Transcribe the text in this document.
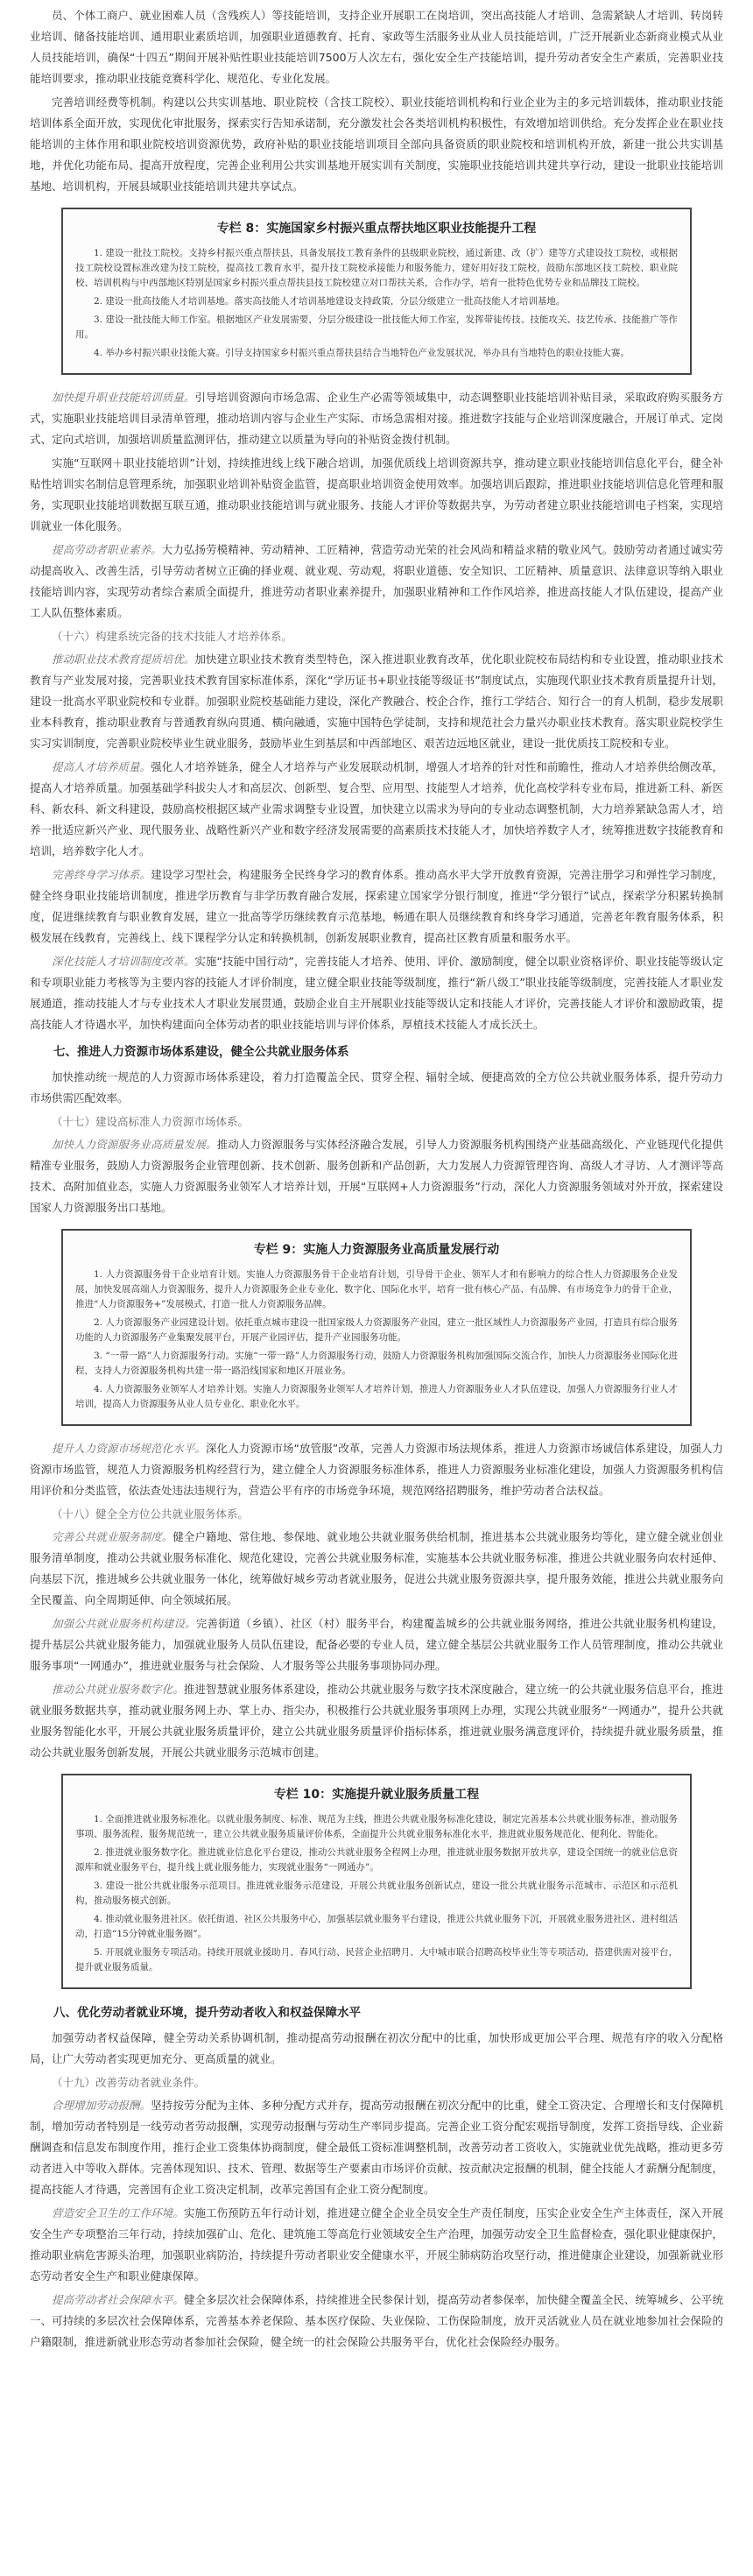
员、个体工商户、就业困难人员（含残疾人）等技能培训，支持企业开展职工在岗培训，突出高技能人才培训、急需紧缺人才培训、转岗转业培训、储备技能培训、通用职业素质培训，加强职业道德教育、托育、家政等生活服务业从业人员技能培训，广泛开展新业态新商业模式从业人员技能培训，确保“十四五”期间开展补贴性职业技能培训7500万人次左右，强化安全生产技能培训，提升劳动者安全生产素质，完善职业技能培训要求，推动职业技能竞赛科学化、规范化、专业化发展。

完善培训经费等机制。构建以公共实训基地、职业院校（含技工院校）、职业技能培训机构和行业企业为主的多元培训载体，推动职业技能培训体系全面开放，实现优化审批服务，探索实行告知承诺制，充分激发社会各类培训机构积极性，有效增加培训供给。充分发挥企业在职业技能培训的主体作用和职业院校培训资源优势，政府补贴的职业技能培训项目全部向具备资质的职业院校和培训机构开放，新建一批公共实训基地，并优化功能布局、提高开放程度，完善企业利用公共实训基地开展实训有关制度，实施职业技能培训共建共享行动，建设一批职业技能培训基地、培训机构，开展县域职业技能培训共建共享试点。

专栏 8：实施国家乡村振兴重点帮扶地区职业技能提升工程

1. 建设一批技工院校。支持乡村振兴重点帮扶县，具备发展技工教育条件的县级职业院校，通过新建、改（扩）建等方式建设技工院校，或根据技工院校设置标准改建为技工院校，提高技工教育水平，提升技工院校承接能力和服务能力，建好用好技工院校，鼓励东部地区技工院校、职业院校、培训机构与中西部地区特别是国家乡村振兴重点帮扶县技工院校建立对口帮扶关系，合作办学，培育一批特色优势专业和品牌技工院校。

2. 建设一批高技能人才培训基地。落实高技能人才培训基地建设支持政策，分层分级建立一批高技能人才培训基地。

3. 建设一批技能大师工作室。根据地区产业发展需要，分层分级建设一批技能大师工作室，发挥带徒传技、技能攻关、技艺传承、技能推广等作用。

4. 举办乡村振兴职业技能大赛。引导支持国家乡村振兴重点帮扶县结合当地特色产业发展状况，举办具有当地特色的职业技能大赛。

加快提升职业技能培训质量。引导培训资源向市场急需、企业生产必需等领域集中，动态调整职业技能培训补贴目录，采取政府购买服务方式，实施职业技能培训目录清单管理，推动培训内容与企业生产实际、市场急需相对接。推进数字技能与企业培训深度融合，开展订单式、定岗式、定向式培训，加强培训质量监测评估，推动建立以质量为导向的补贴资金拨付机制。

实施“互联网＋职业技能培训”计划，持续推进线上线下融合培训，加强优质线上培训资源共享，推动建立职业技能培训信息化平台，健全补贴性培训实名制信息管理系统，加强职业培训补贴资金监管，提高职业培训资金使用效率。加强培训后跟踪，推进职业技能培训信息化管理和服务，实现职业技能培训数据互联互通，推动职业技能培训与就业服务、技能人才评价等数据共享，为劳动者建立职业技能培训电子档案，实现培训就业一体化服务。

提高劳动者职业素养。大力弘扬劳模精神、劳动精神、工匠精神，营造劳动光荣的社会风尚和精益求精的敬业风气。鼓励劳动者通过诚实劳动提高收入、改善生活，引导劳动者树立正确的择业观、就业观、劳动观，将职业道德、安全知识、工匠精神、质量意识、法律意识等纳入职业技能培训内容，实现劳动者综合素质全面提升，推进劳动者职业素养提升，加强职业精神和工作作风培养，推进高技能人才队伍建设，提高产业工人队伍整体素质。

（十六）构建系统完备的技术技能人才培养体系。

推动职业技术教育提质培优。加快建立职业技术教育类型特色，深入推进职业教育改革，优化职业院校布局结构和专业设置，推动职业技术教育与产业发展对接，完善职业技术教育国家标准体系，深化“学历证书+职业技能等级证书”制度试点，实施现代职业技术教育质量提升计划，建设一批高水平职业院校和专业群。加强职业院校基础能力建设，深化产教融合、校企合作，推行工学结合、知行合一的育人机制，稳步发展职业本科教育，推动职业教育与普通教育纵向贯通、横向融通，实施中国特色学徒制，支持和规范社会力量兴办职业技术教育。落实职业院校学生实习实训制度，完善职业院校毕业生就业服务，鼓励毕业生到基层和中西部地区、艰苦边远地区就业，建设一批优质技工院校和专业。

提高人才培养质量。强化人才培养链条，健全人才培养与产业发展联动机制，增强人才培养的针对性和前瞻性，推动人才培养供给侧改革，提高人才培养质量。加强基础学科拔尖人才和高层次、创新型、复合型、应用型、技能型人才培养，优化高校学科专业布局，推进新工科、新医科、新农科、新文科建设，鼓励高校根据区域产业需求调整专业设置，加快建立以需求为导向的专业动态调整机制，大力培养紧缺急需人才，培养一批适应新兴产业、现代服务业、战略性新兴产业和数字经济发展需要的高素质技术技能人才，加快培养数字人才，统筹推进数字技能教育和培训，培养数字化人才。

完善终身学习体系。建设学习型社会，构建服务全民终身学习的教育体系。推动高水平大学开放教育资源，完善注册学习和弹性学习制度，健全终身职业技能培训制度，推进学历教育与非学历教育融合发展，探索建立国家学分银行制度，推进“学分银行”试点，探索学分积累转换制度，促进继续教育与职业教育发展，建立一批高等学历继续教育示范基地，畅通在职人员继续教育和终身学习通道，完善老年教育服务体系，积极发展在线教育，完善线上、线下课程学分认定和转换机制，创新发展职业教育，提高社区教育质量和服务水平。

深化技能人才培训制度改革。实施“技能中国行动”，完善技能人才培养、使用、评价、激励制度，健全以职业资格评价、职业技能等级认定和专项职业能力考核等为主要内容的技能人才评价制度，建立健全职业技能等级制度，推行“新八级工”职业技能等级制度，完善技能人才职业发展通道，推动技能人才与专业技术人才职业发展贯通，鼓励企业自主开展职业技能等级认定和技能人才评价，完善技能人才评价和激励政策，提高技能人才待遇水平，加快构建面向全体劳动者的职业技能培训与评价体系，厚植技术技能人才成长沃土。

七、推进人力资源市场体系建设，健全公共就业服务体系

加快推动统一规范的人力资源市场体系建设，着力打造覆盖全民、贯穿全程、辐射全域、便捷高效的全方位公共就业服务体系，提升劳动力市场供需匹配效率。

（十七）建设高标准人力资源市场体系。

加快人力资源服务业高质量发展。推动人力资源服务与实体经济融合发展，引导人力资源服务机构围绕产业基础高级化、产业链现代化提供精准专业服务，鼓励人力资源服务企业管理创新、技术创新、服务创新和产品创新，大力发展人力资源管理咨询、高级人才寻访、人才测评等高技术、高附加值业态，实施人力资源服务业领军人才培养计划，开展“互联网+人力资源服务”行动，深化人力资源服务领域对外开放，探索建设国家人力资源服务出口基地。

专栏 9：实施人力资源服务业高质量发展行动

1. 人力资源服务骨干企业培育计划。实施人力资源服务骨干企业培育计划，引导骨干企业、领军人才和有影响力的综合性人力资源服务企业发展，加快发展高端人力资源服务，提升人力资源服务企业专业化、数字化、国际化水平，培育一批有核心产品、有品牌、有市场竞争力的骨干企业，推进“人力资源服务+”发展模式，打造一批人力资源服务品牌。

2. 人力资源服务产业园建设计划。依托重点城市建设一批国家级人力资源服务产业园，建立一批区域性人力资源服务产业园，打造具有综合服务功能的人力资源服务产业集聚发展平台，开展产业园评估，提升产业园服务功能。

3. “一带一路”人力资源服务行动。实施“一带一路”人力资源服务行动，鼓励人力资源服务机构加强国际交流合作，加快人力资源服务业国际化进程，支持人力资源服务机构共建一带一路沿线国家和地区开展业务。

4. 人力资源服务业领军人才培养计划。实施人力资源服务业领军人才培养计划，推进人力资源服务业人才队伍建设，加强人力资源服务行业人才培训，提高人力资源服务从业人员专业化、职业化水平。

提升人力资源市场规范化水平。深化人力资源市场“放管服”改革，完善人力资源市场法规体系，推进人力资源市场诚信体系建设，加强人力资源市场监管，规范人力资源服务机构经营行为，建立健全人力资源服务标准体系，推进人力资源服务业标准化建设，加强人力资源服务机构信用评价和分类监管，依法查处违法违规行为，营造公平有序的市场竞争环境，规范网络招聘服务，维护劳动者合法权益。

（十八）健全全方位公共就业服务体系。

完善公共就业服务制度。健全户籍地、常住地、参保地、就业地公共就业服务供给机制，推进基本公共就业服务均等化，建立健全就业创业服务清单制度，推动公共就业服务标准化、规范化建设，完善公共就业服务标准，实施基本公共就业服务标准，推进公共就业服务向农村延伸、向基层下沉，推进城乡公共就业服务一体化，统筹做好城乡劳动者就业服务，促进公共就业服务资源共享，提升服务效能，推进公共就业服务向全民覆盖、向全周期延伸、向全领域拓展。

加强公共就业服务机构建设。完善街道（乡镇）、社区（村）服务平台，构建覆盖城乡的公共就业服务网络，推进公共就业服务机构建设，提升基层公共就业服务能力，加强就业服务人员队伍建设，配备必要的专业人员，建立健全基层公共就业服务工作人员管理制度，推动公共就业服务事项“一网通办”，推进就业服务与社会保险、人才服务等公共服务事项协同办理。

推动公共就业服务数字化。推进智慧就业服务体系建设，推动公共就业服务与数字技术深度融合，建立统一的公共就业服务信息平台，推进就业服务数据共享，推动就业服务网上办、掌上办、指尖办，积极推行公共就业服务事项网上办理，实现公共就业服务“一网通办”，提升公共就业服务智能化水平，开展公共就业服务质量评价，建立公共就业服务质量评价指标体系，推进就业服务满意度评价，持续提升就业服务质量，推动公共就业服务创新发展，开展公共就业服务示范城市创建。

专栏 10：实施提升就业服务质量工程

1. 全面推进就业服务标准化。以就业服务制度、标准、规范为主线，推进公共就业服务标准化建设，制定完善基本公共就业服务标准，推动服务事项、服务流程、服务规范统一，建立公共就业服务质量评价体系，全面提升公共就业服务标准化水平，推进就业服务规范化、便利化、智能化。

2. 推进就业服务数字化。推进就业信息化平台建设，推动公共就业服务全程网上办理，推进就业服务数据开放共享，建设全国统一的就业信息资源库和就业服务平台，提升线上就业服务能力，实现就业服务“一网通办”。

3. 建设一批公共就业服务示范项目。推进就业服务示范建设，开展公共就业服务创新试点，建设一批公共就业服务示范城市、示范区和示范机构，推动服务模式创新。

4. 推动就业服务进社区。依托街道、社区公共服务中心，加强基层就业服务平台建设，推进公共就业服务下沉，开展就业服务进社区、进村组活动，打造“15分钟就业服务圈”。

5. 开展就业服务专项活动。持续开展就业援助月、春风行动、民营企业招聘月、大中城市联合招聘高校毕业生等专项活动，搭建供需对接平台，提升就业服务质量。

八、优化劳动者就业环境，提升劳动者收入和权益保障水平

加强劳动者权益保障，健全劳动关系协调机制，推动提高劳动报酬在初次分配中的比重，加快形成更加公平合理、规范有序的收入分配格局，让广大劳动者实现更加充分、更高质量的就业。

（十九）改善劳动者就业条件。

合理增加劳动报酬。坚持按劳分配为主体、多种分配方式并存，提高劳动报酬在初次分配中的比重，健全工资决定、合理增长和支付保障机制，增加劳动者特别是一线劳动者劳动报酬，实现劳动报酬与劳动生产率同步提高。完善企业工资分配宏观指导制度，发挥工资指导线、企业薪酬调查和信息发布制度作用，推行企业工资集体协商制度，健全最低工资标准调整机制，改善劳动者工资收入，实施就业优先战略，推动更多劳动者进入中等收入群体。完善体现知识、技术、管理、数据等生产要素由市场评价贡献、按贡献决定报酬的机制，健全技能人才薪酬分配制度，提高技能人才待遇，完善国有企业工资决定机制，改革完善国有企业工资分配制度。

营造安全卫生的工作环境。实施工伤预防五年行动计划，推进建立健全企业全员安全生产责任制度，压实企业安全生产主体责任，深入开展安全生产专项整治三年行动，持续加强矿山、危化、建筑施工等高危行业领域安全生产治理，加强劳动安全卫生监督检查，强化职业健康保护，推动职业病危害源头治理，加强职业病防治，持续提升劳动者职业安全健康水平，开展尘肺病防治攻坚行动，推进健康企业建设，加强新就业形态劳动者安全生产和职业健康保障。

提高劳动者社会保障水平。健全多层次社会保障体系，持续推进全民参保计划，提高劳动者参保率，加快健全覆盖全民、统筹城乡、公平统一、可持续的多层次社会保障体系，完善基本养老保险、基本医疗保险、失业保险、工伤保险制度，放开灵活就业人员在就业地参加社会保险的户籍限制，推进新就业形态劳动者参加社会保险，健全统一的社会保险公共服务平台，优化社会保险经办服务。
